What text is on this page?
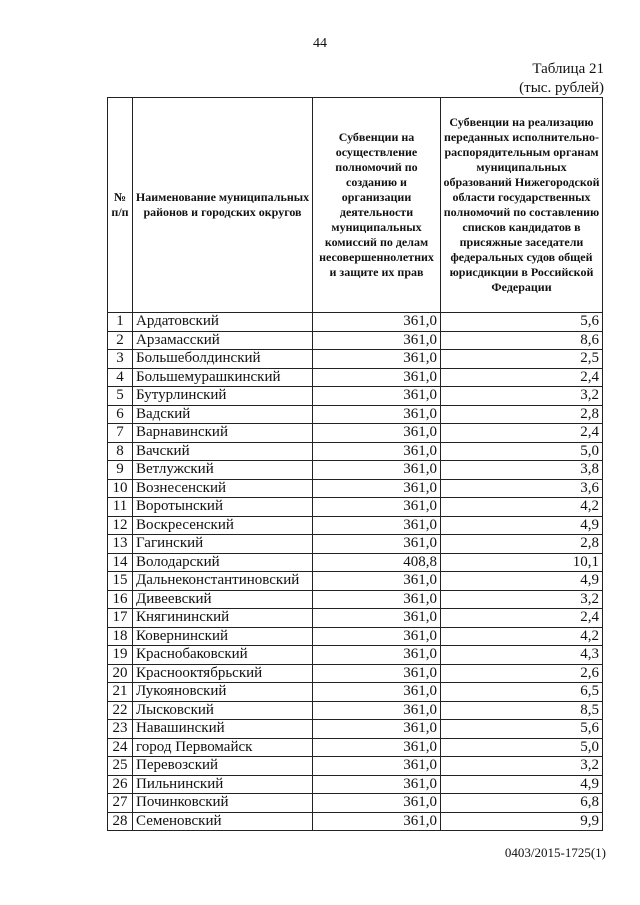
44
Таблица 21
(тыс. рублей)
№ п/п	Наименование муниципальных районов и городских округов	Субвенции на осуществление полномочий по созданию и организации деятельности муниципальных комиссий по делам несовершеннолетних и защите их прав	Субвенции на реализацию переданных исполнительно-распорядительным органам муниципальных образований Нижегородской области государственных полномочий по составлению списков кандидатов в присяжные заседатели федеральных судов общей юрисдикции в Российской Федерации
1	Ардатовский	361,0	5,6
2	Арзамасский	361,0	8,6
3	Большеболдинский	361,0	2,5
4	Большемурашкинский	361,0	2,4
5	Бутурлинский	361,0	3,2
6	Вадский	361,0	2,8
7	Варнавинский	361,0	2,4
8	Вачский	361,0	5,0
9	Ветлужский	361,0	3,8
10	Вознесенский	361,0	3,6
11	Воротынский	361,0	4,2
12	Воскресенский	361,0	4,9
13	Гагинский	361,0	2,8
14	Володарский	408,8	10,1
15	Дальнеконстантиновский	361,0	4,9
16	Дивеевский	361,0	3,2
17	Княгининский	361,0	2,4
18	Ковернинский	361,0	4,2
19	Краснобаковский	361,0	4,3
20	Краснооктябрьский	361,0	2,6
21	Лукояновский	361,0	6,5
22	Лысковский	361,0	8,5
23	Навашинский	361,0	5,6
24	город Первомайск	361,0	5,0
25	Перевозский	361,0	3,2
26	Пильнинский	361,0	4,9
27	Починковский	361,0	6,8
28	Семеновский	361,0	9,9
0403/2015-1725(1)
